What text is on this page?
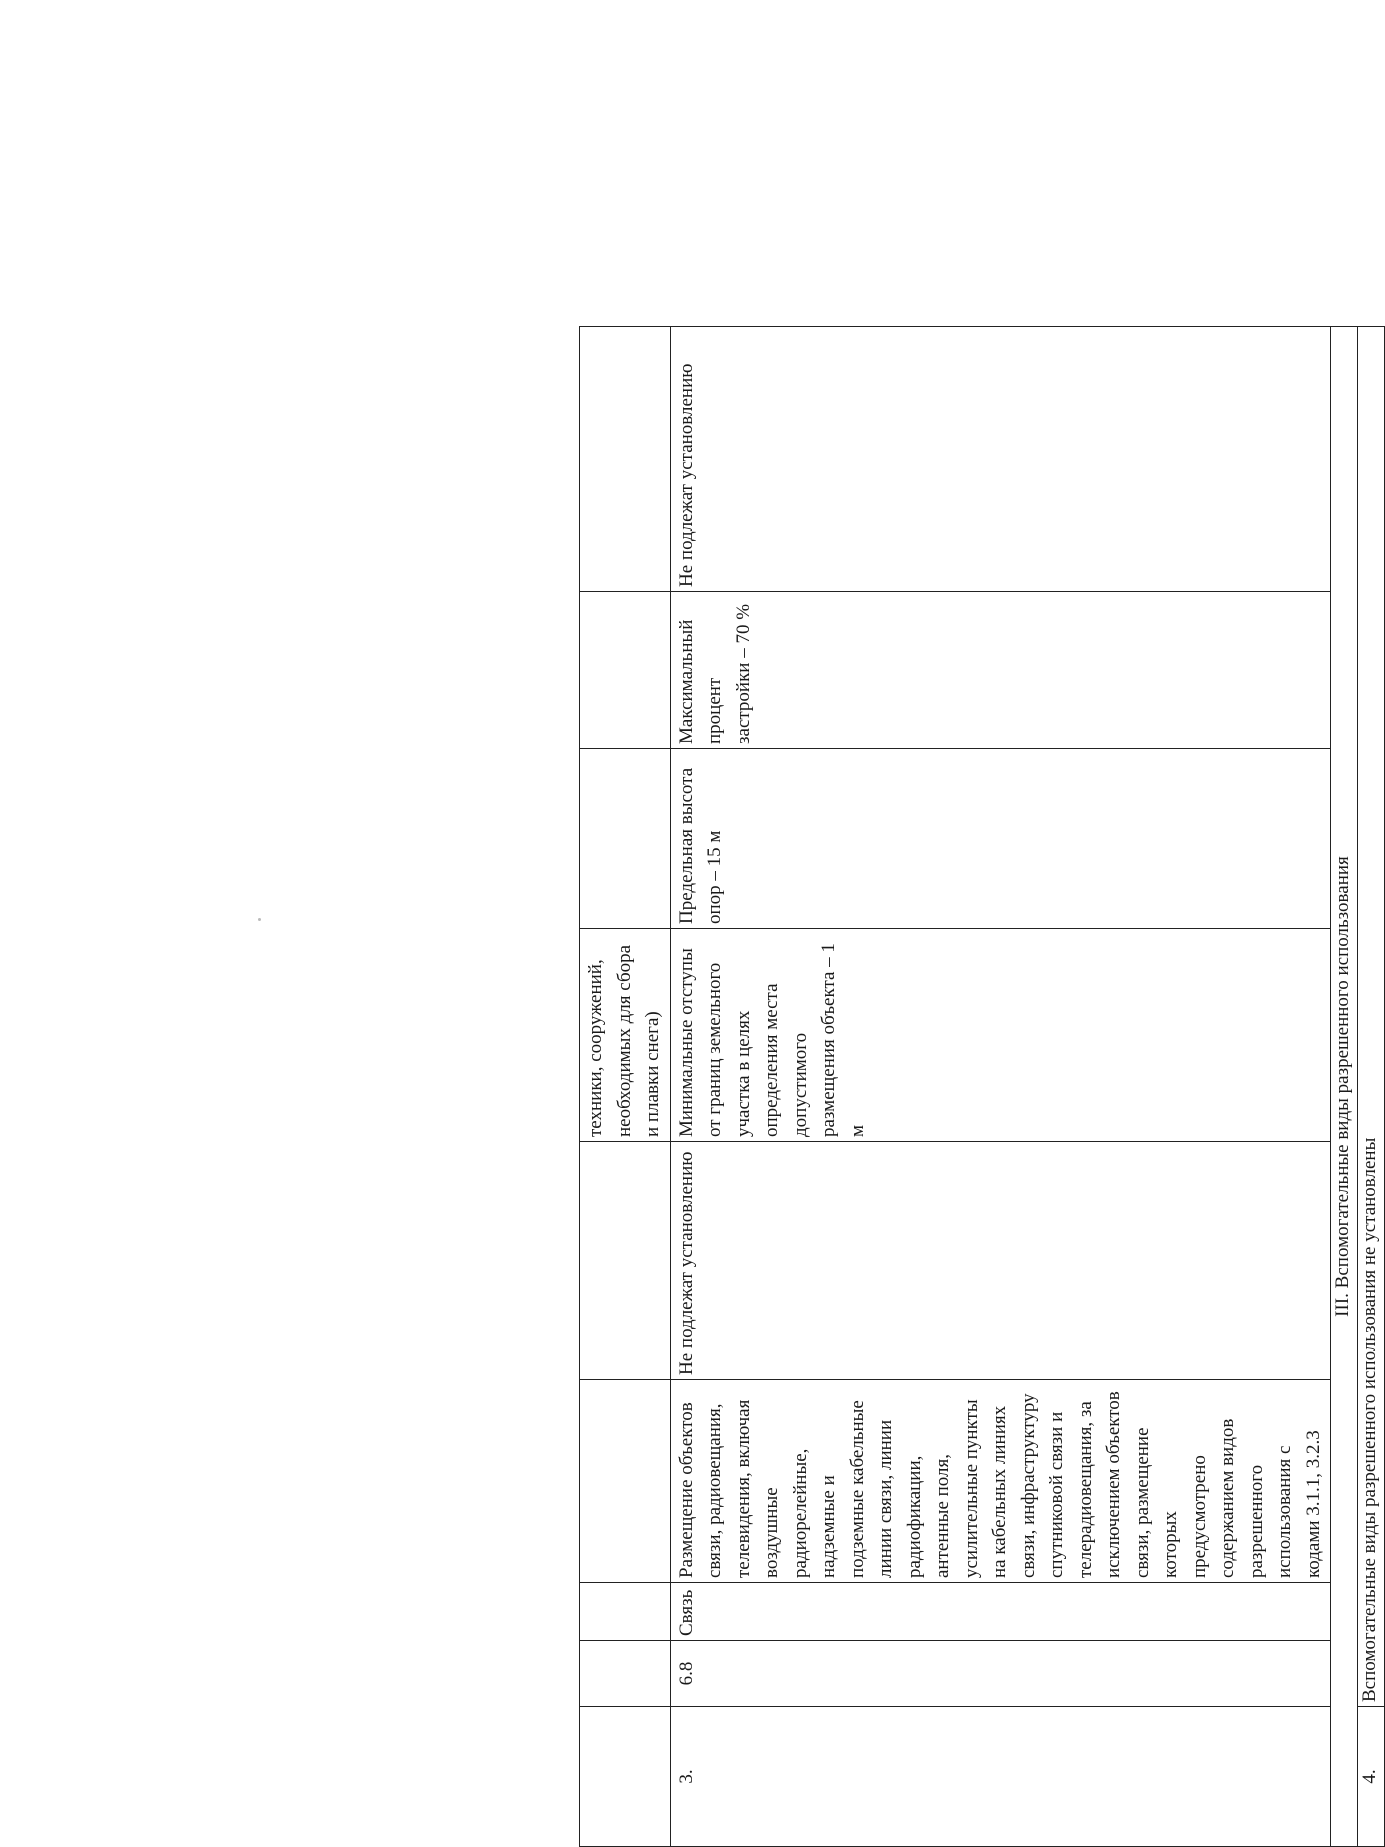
					техники, сооружений, необходимых для сбора и плавки снега)			
3.	6.8	Связь	Размещение объектов связи, радиовещания, телевидения, включая воздушные радиорелейные, надземные и подземные кабельные линии связи, линии радиофикации, антенные поля, усилительные пункты на кабельных линиях связи, инфраструктуру спутниковой связи и телерадиовещания, за исключением объектов связи, размещение которых предусмотрено содержанием видов разрешенного использования с кодами 3.1.1, 3.2.3	Не подлежат установлению	Минимальные отступы от границ земельного участка в целях определения места допустимого размещения объекта – 1 м	Предельная высота опор – 15 м	Максимальный процент застройки – 70 %	Не подлежат установлению
III. Вспомогательные виды разрешенного использования								
4.	Вспомогательные виды разрешенного использования не установлены							
